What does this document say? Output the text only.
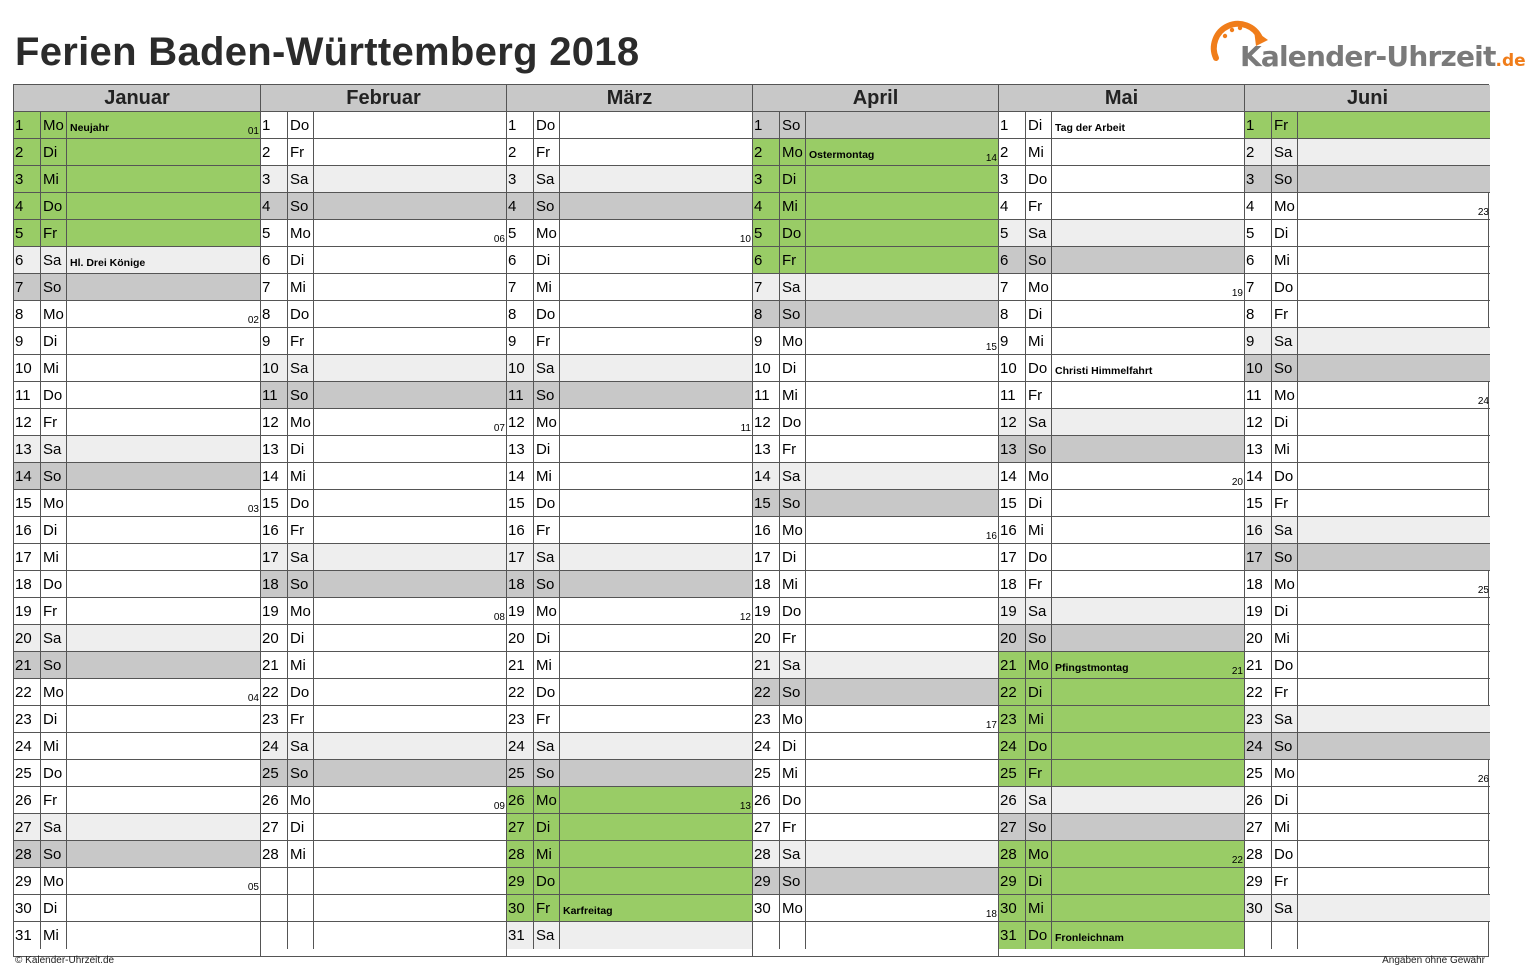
Ferien Baden-Württemberg 2018	Kalender-Uhrzeit.de
Januar
1	Mo Neujahr	01
2	Di
3	Mi
4	Do
5	Fr
6	Sa Hl. Drei Könige
7	So
8	Mo	02
9	Di
10 Mi
11 Do
12 Fr
13 Sa
14 So
15 Mo	03
16 Di
17 Mi
18 Do
19 Fr
20 Sa
21 So
22 Mo	04
23 Di
24 Mi
25 Do
26 Fr
27 Sa
28 So
29 Mo	05
30 Di
31 Mi
Februar
1	Do
2	Fr
3	Sa
4	So
5	Mo	06
6	Di
7	Mi
8	Do
9	Fr
10 Sa
11 So
12 Mo	07
13 Di
14 Mi
15 Do
16 Fr
17 Sa
18 So
19 Mo	08
20 Di
21 Mi
22 Do
23 Fr
24 Sa
25 So
26 Mo	09
27 Di
28 Mi
März
1	Do
2	Fr
3	Sa
4	So
5	Mo	10
6	Di
7	Mi
8	Do
9	Fr
10 Sa
11 So
12 Mo	11
13 Di
14 Mi
15 Do
16 Fr
17 Sa
18 So
19 Mo	12
20 Di
21 Mi
22 Do
23 Fr
24 Sa
25 So
26 Mo	13
27 Di
28 Mi
29 Do
30 Fr	Karfreitag
31 Sa
April
1	So
2	Mo Ostermontag	14
3	Di
4	Mi
5	Do
6	Fr
7	Sa
8	So
9	Mo	15
10 Di
11 Mi
12 Do
13 Fr
14 Sa
15 So
16 Mo	16
17 Di
18 Mi
19 Do
20 Fr
21 Sa
22 So
23 Mo	17
24 Di
25 Mi
26 Do
27 Fr
28 Sa
29 So
30 Mo	18
Mai
1	Di	Tag der Arbeit
2	Mi
3	Do
4	Fr
5	Sa
6	So
7	Mo	19
8	Di
9	Mi
10 Do Christi Himmelfahrt
11 Fr
12 Sa
13 So
14 Mo	20
15 Di
16 Mi
17 Do
18 Fr
19 Sa
20 So
21 Mo Pfingstmontag	21
22 Di
23 Mi
24 Do
25 Fr
26 Sa
27 So
28 Mo	22
29 Di
30 Mi
31 Do Fronleichnam
Juni
1	Fr
2	Sa
3	So
4	Mo	23
5	Di
6	Mi
7	Do
8	Fr
9	Sa
10 So
11 Mo	24
12 Di
13 Mi
14 Do
15 Fr
16 Sa
17 So
18 Mo	25
19 Di
20 Mi
21 Do
22 Fr
23 Sa
24 So
25 Mo	26
26 Di
27 Mi
28 Do
29 Fr
30 Sa
© Kalender-Uhrzeit.de	Angaben ohne Gewähr
